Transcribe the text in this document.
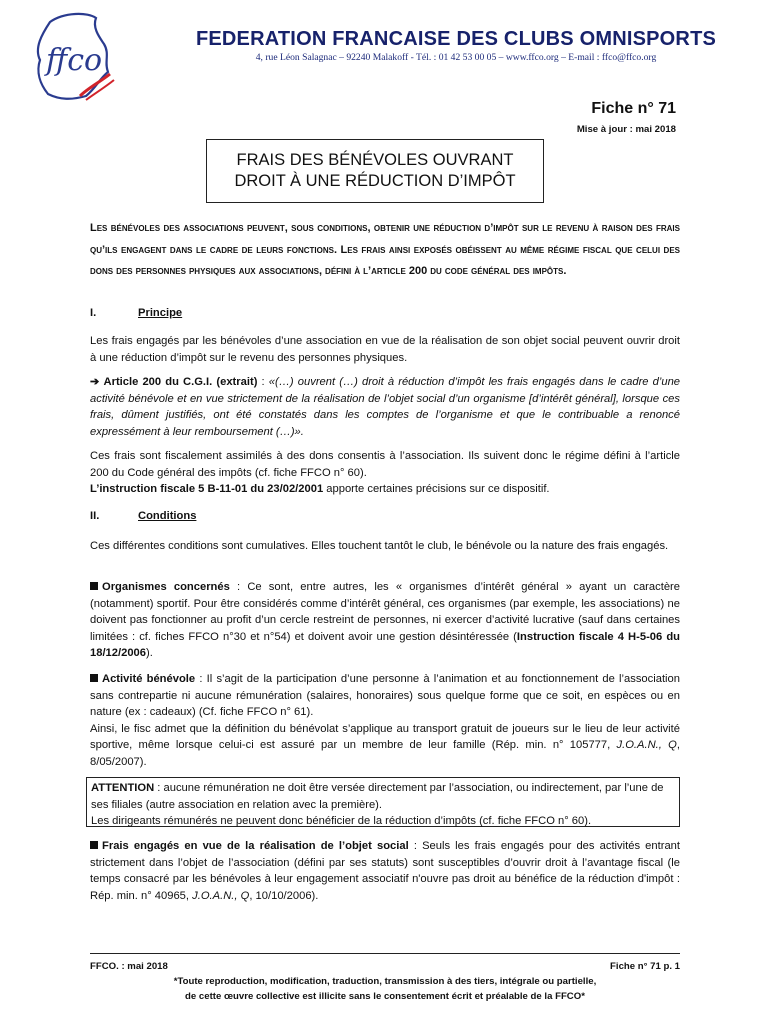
ffco
FEDERATION FRANCAISE DES CLUBS OMNISPORTS
4, rue Léon Salagnac – 92240 Malakoff - Tél. : 01 42 53 00 05 – www.ffco.org – E-mail : ffco@ffco.org
Fiche n° 71
Mise à jour : mai 2018
FRAIS DES BÉNÉVOLES OUVRANT
DROIT À UNE RÉDUCTION D’IMPÔT

Les bénévoles des associations peuvent, sous conditions, obtenir une réduction d’impôt sur le revenu à raison des frais qu’ils engagent dans le cadre de leurs fonctions. Les frais ainsi exposés obéissent au même régime fiscal que celui des dons des personnes physiques aux associations, défini à l’article 200 du code général des impôts.

I.	Principe

Les frais engagés par les bénévoles d’une association en vue de la réalisation de son objet social peuvent ouvrir droit à une réduction d’impôt sur le revenu des personnes physiques.

➔ Article 200 du C.G.I. (extrait) : «(…) ouvrent (…) droit à réduction d’impôt les frais engagés dans le cadre d’une activité bénévole et en vue strictement de la réalisation de l’objet social d’un organisme [d’intérêt général], lorsque ces frais, dûment justifiés, ont été constatés dans les comptes de l’organisme et que le contribuable a renoncé expressément à leur remboursement (…)».

Ces frais sont fiscalement assimilés à des dons consentis à l’association. Ils suivent donc le régime défini à l’article 200 du Code général des impôts (cf. fiche FFCO n° 60).
L’instruction fiscale 5 B-11-01 du 23/02/2001 apporte certaines précisions sur ce dispositif.

II.	Conditions

Ces différentes conditions sont cumulatives. Elles touchent tantôt le club, le bénévole ou la nature des frais engagés.

Organismes concernés : Ce sont, entre autres, les « organismes d’intérêt général » ayant un caractère (notamment) sportif. Pour être considérés comme d’intérêt général, ces organismes (par exemple, les associations) ne doivent pas fonctionner au profit d’un cercle restreint de personnes, ni exercer d’activité lucrative (sauf dans certaines limitées : cf. fiches FFCO n°30 et n°54) et doivent avoir une gestion désintéressée (Instruction fiscale 4 H-5-06 du 18/12/2006).

Activité bénévole : Il s’agit de la participation d’une personne à l’animation et au fonctionnement de l’association sans contrepartie ni aucune rémunération (salaires, honoraires) sous quelque forme que ce soit, en espèces ou en nature (ex : cadeaux) (Cf. fiche FFCO n° 61).
Ainsi, le fisc admet que la définition du bénévolat s’applique au transport gratuit de joueurs sur le lieu de leur activité sportive, même lorsque celui-ci est assuré par un membre de leur famille (Rép. min. n° 105777, J.O.A.N., Q, 8/05/2007).

ATTENTION : aucune rémunération ne doit être versée directement par l’association, ou indirectement, par l’une de ses filiales (autre association en relation avec la première).
Les dirigeants rémunérés ne peuvent donc bénéficier de la réduction d’impôts (cf. fiche FFCO n° 60).

Frais engagés en vue de la réalisation de l’objet social : Seuls les frais engagés pour des activités entrant strictement dans l’objet de l’association (défini par ses statuts) sont susceptibles d’ouvrir droit à l’avantage fiscal (le temps consacré par les bénévoles à leur engagement associatif n'ouvre pas droit au bénéfice de la réduction d'impôt : Rép. min. n° 40965, J.O.A.N., Q, 10/10/2006).

FFCO. : mai 2018	Fiche n° 71 p. 1
*Toute reproduction, modification, traduction, transmission à des tiers, intégrale ou partielle,
de cette œuvre collective est illicite sans le consentement écrit et préalable de la FFCO*
